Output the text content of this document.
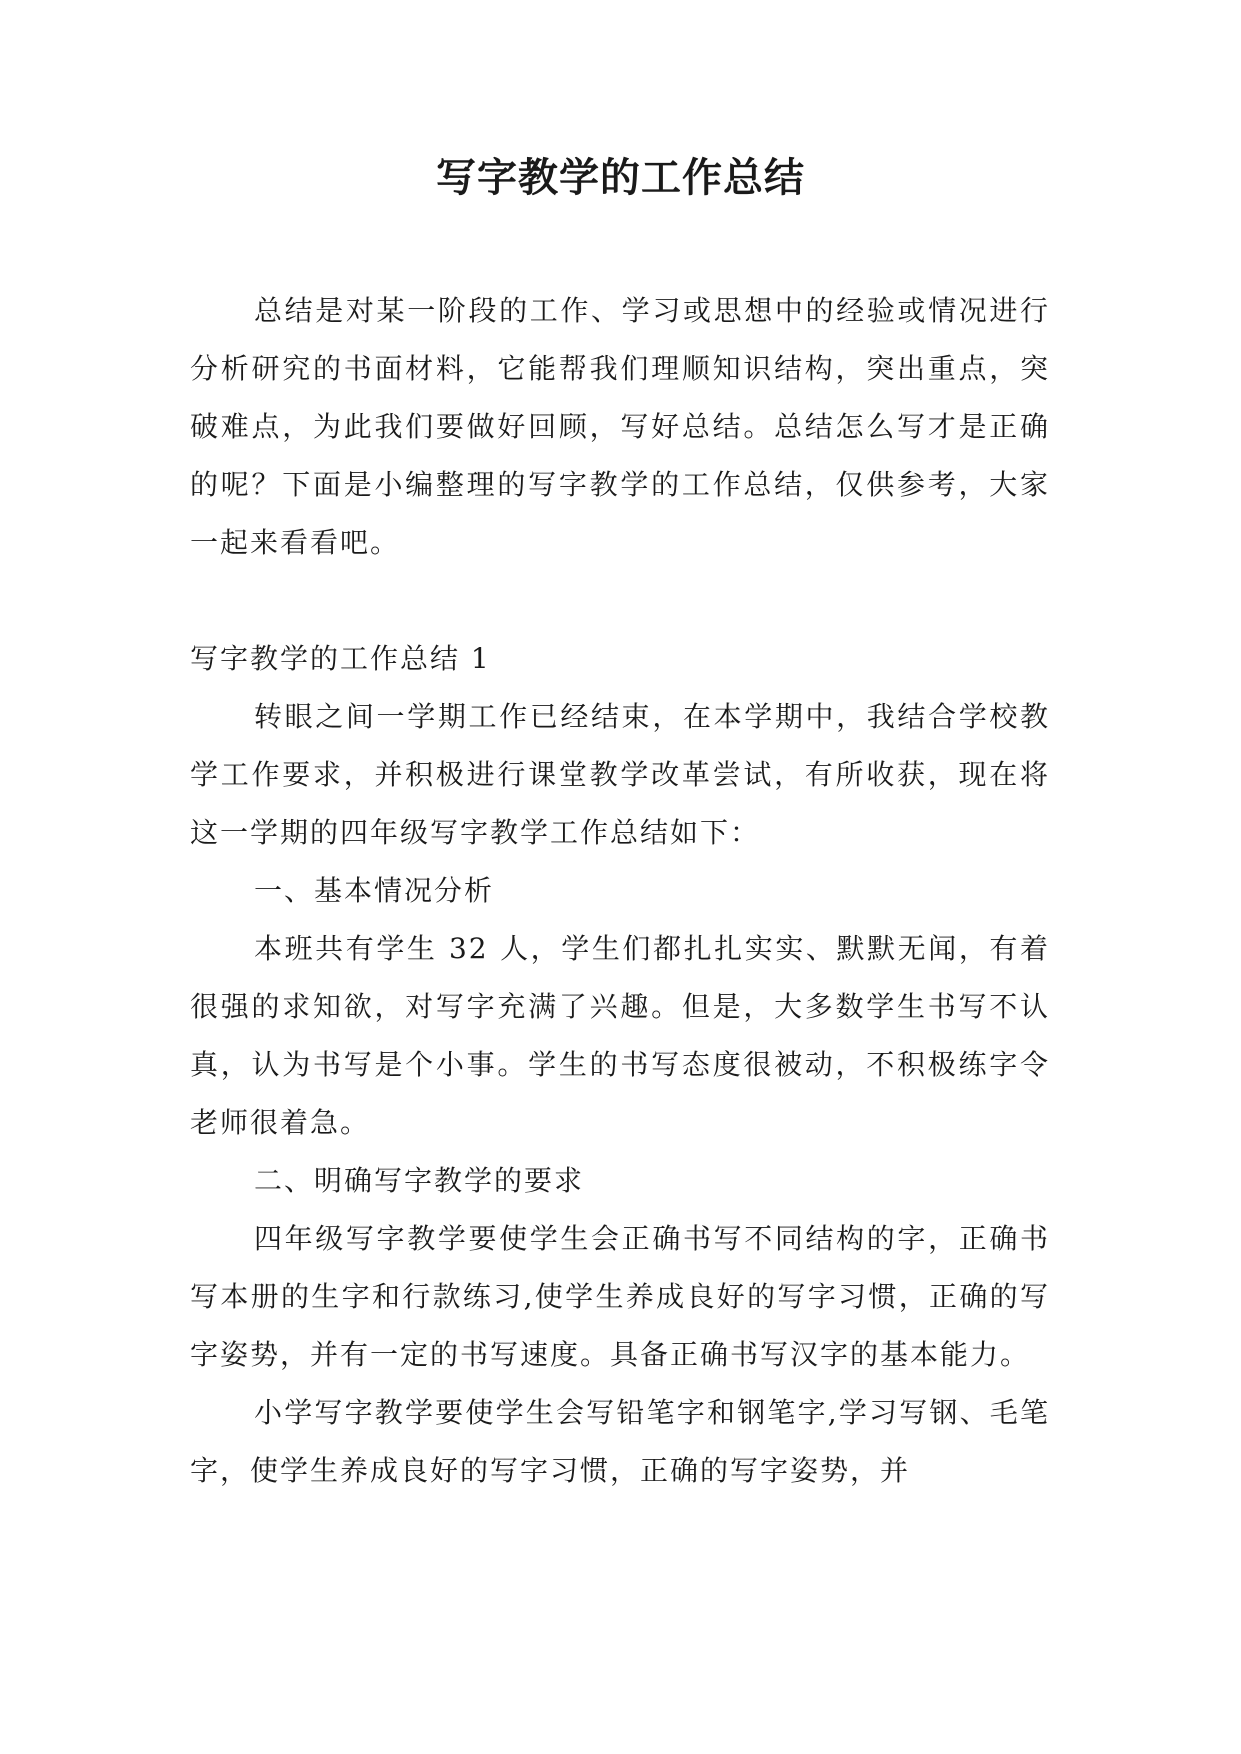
写字教学的工作总结

总结是对某一阶段的工作、学习或思想中的经验或情况进行分析研究的书面材料，它能帮我们理顺知识结构，突出重点，突破难点，为此我们要做好回顾，写好总结。总结怎么写才是正确的呢？下面是小编整理的写字教学的工作总结，仅供参考，大家一起来看看吧。

写字教学的工作总结 1

转眼之间一学期工作已经结束，在本学期中，我结合学校教学工作要求，并积极进行课堂教学改革尝试，有所收获，现在将这一学期的四年级写字教学工作总结如下：

一、基本情况分析

本班共有学生 32 人，学生们都扎扎实实、默默无闻，有着很强的求知欲，对写字充满了兴趣。但是，大多数学生书写不认真，认为书写是个小事。学生的书写态度很被动，不积极练字令老师很着急。

二、明确写字教学的要求

四年级写字教学要使学生会正确书写不同结构的字，正确书写本册的生字和行款练习,使学生养成良好的写字习惯，正确的写字姿势，并有一定的书写速度。具备正确书写汉字的基本能力。

小学写字教学要使学生会写铅笔字和钢笔字,学习写钢、毛笔字，使学生养成良好的写字习惯，正确的写字姿势，并
